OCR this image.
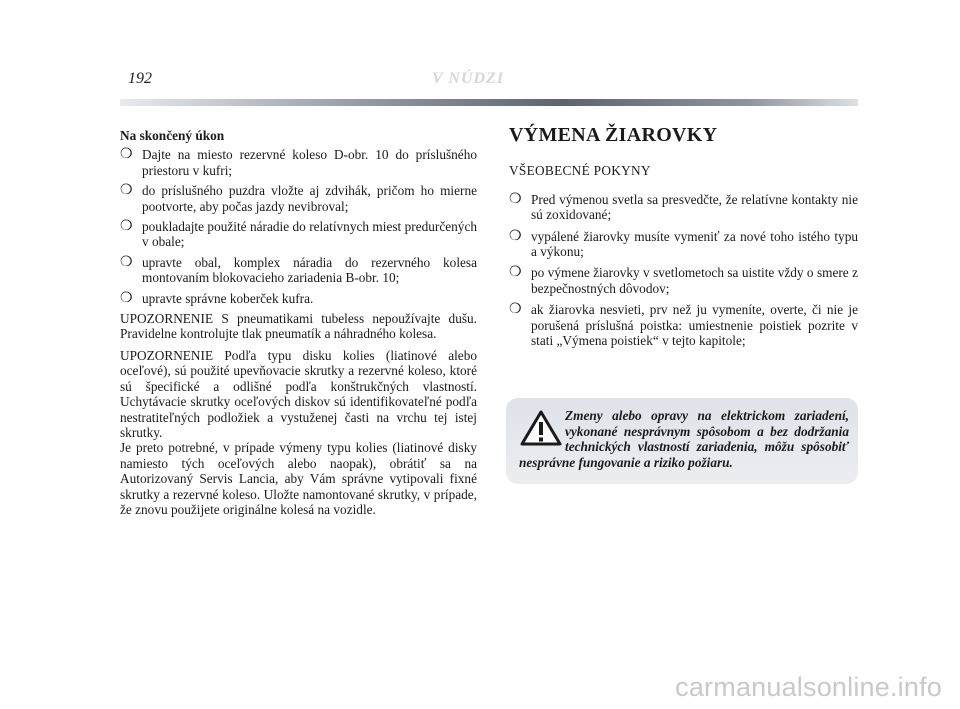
192	V NÚDZI
Na skončený úkon
❍ Dajte na miesto rezervné koleso D-obr. 10 do príslušného priestoru v kufri;
❍ do príslušného puzdra vložte aj zdvihák, pričom ho mierne pootvorte, aby počas jazdy nevibroval;
❍ poukladajte použité náradie do relatívnych miest predurčených v obale;
❍ upravte obal, komplex náradia do rezervného kolesa montovaním blokovacieho zariadenia B-obr. 10;
❍ upravte správne koberček kufra.
UPOZORNENIE S pneumatikami tubeless nepoužívajte dušu. Pravidelne kontrolujte tlak pneumatík a náhradného kolesa.
UPOZORNENIE Podľa typu disku kolies (liatinové alebo oceľové), sú použité upevňovacie skrutky a rezervné koleso, ktoré sú špecifické a odlišné podľa konštrukčných vlastností. Uchytávacie skrutky oceľových diskov sú identifikovateľné podľa nestratiteľných podložiek a vystuženej časti na vrchu tej istej skrutky.
Je preto potrebné, v prípade výmeny typu kolies (liatinové disky namiesto tých oceľových alebo naopak), obrátiť sa na Autorizovaný Servis Lancia, aby Vám správne vytipovali fixné skrutky a rezervné koleso. Uložte namontované skrutky, v prípade, že znovu použijete originálne kolesá na vozidle.
VÝMENA ŽIAROVKY
VŠEOBECNÉ POKYNY
❍ Pred výmenou svetla sa presvedčte, že relatívne kontakty nie sú zoxidované;
❍ vypálené žiarovky musíte vymeniť za nové toho istého typu a výkonu;
❍ po výmene žiarovky v svetlometoch sa uistite vždy o smere z bezpečnostných dôvodov;
❍ ak žiarovka nesvieti, prv než ju vymeníte, overte, či nie je porušená príslušná poistka: umiestnenie poistiek pozrite v stati „Výmena poistiek“ v tejto kapitole;
Zmeny alebo opravy na elektrickom zariadení, vykonané nesprávnym spôsobom a bez dodržania technických vlastností zariadenia, môžu spôsobiť nesprávne fungovanie a riziko požiaru.
carmanualsonline.info
